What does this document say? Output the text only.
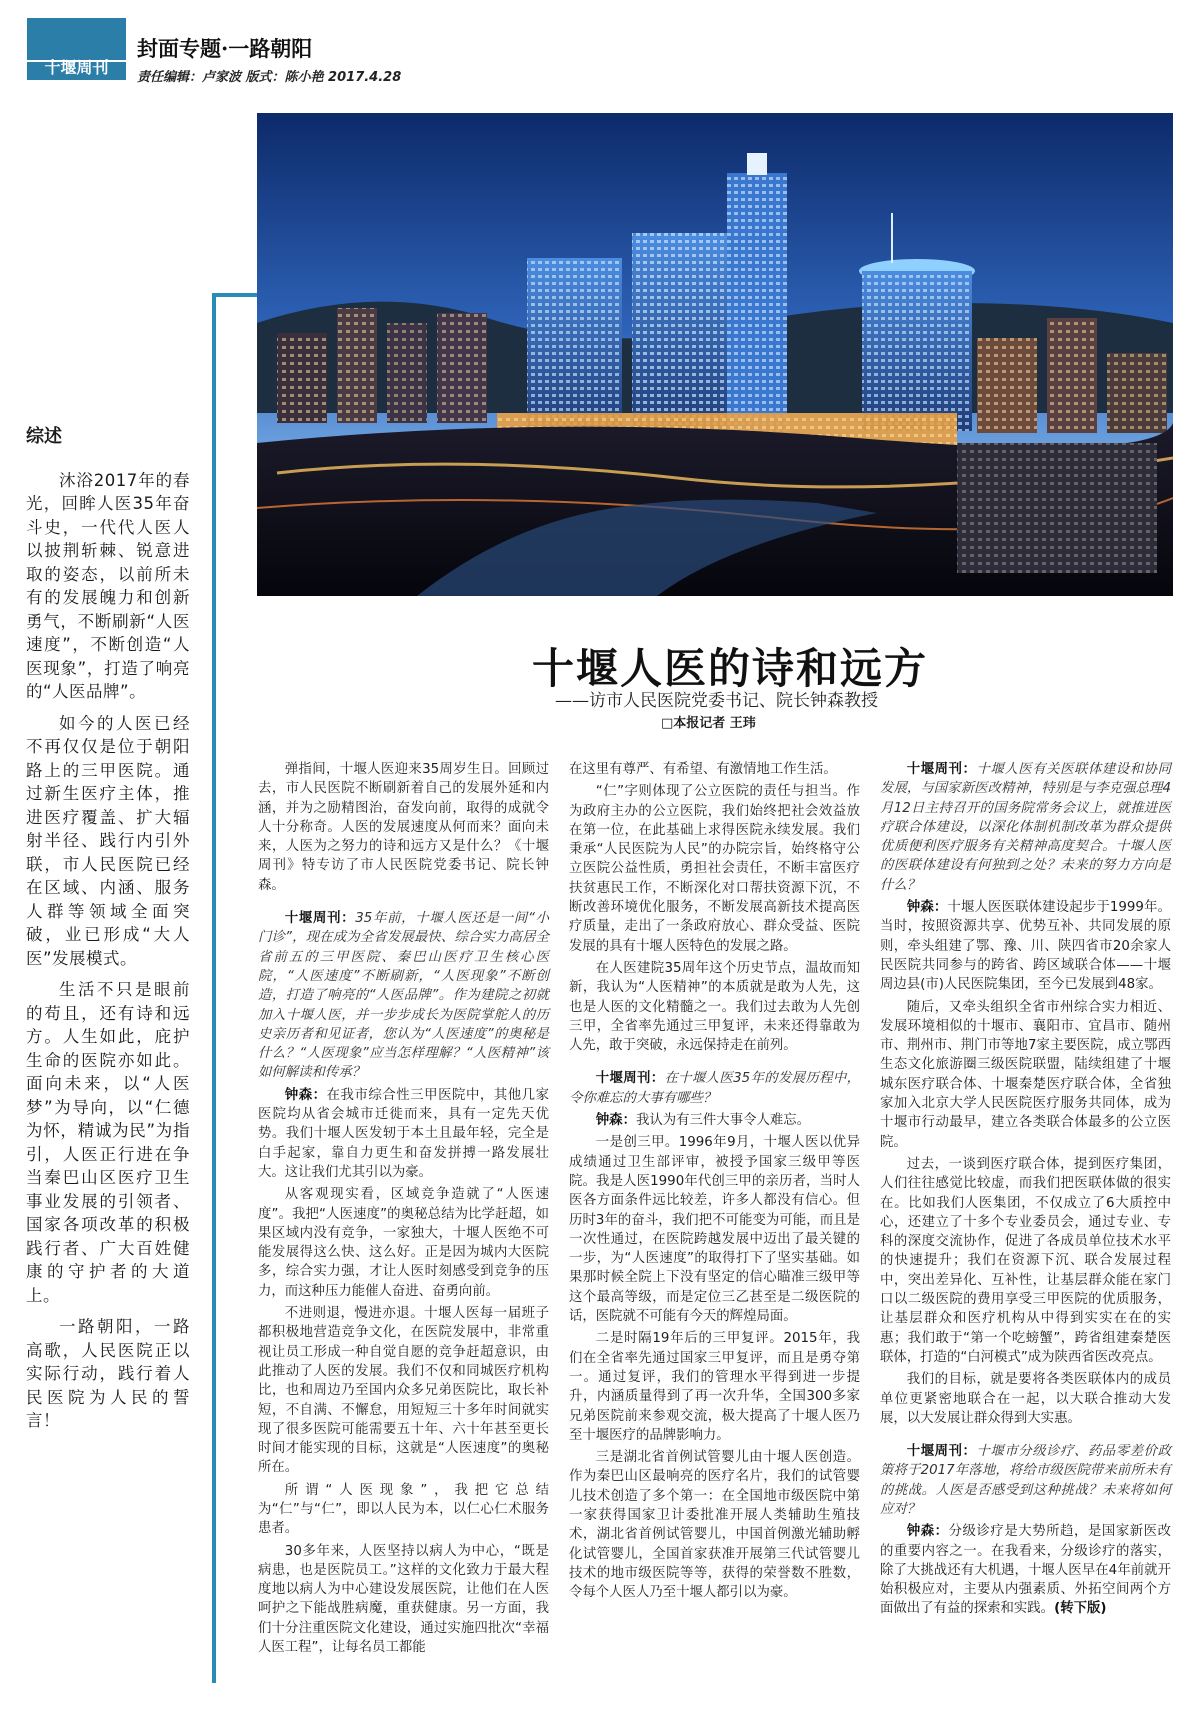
十堰周刊
封面专题·一路朝阳
责任编辑：卢家波 版式：陈小艳 2017.4.28
综述

沐浴2017年的春光，回眸人医35年奋斗史，一代代人医人以披荆斩棘、锐意进取的姿态，以前所未有的发展魄力和创新勇气，不断刷新“人医速度”，不断创造“人医现象”，打造了响亮的“人医品牌”。

如今的人医已经不再仅仅是位于朝阳路上的三甲医院。通过新生医疗主体，推进医疗覆盖、扩大辐射半径、践行内引外联，市人民医院已经在区域、内涵、服务人群等领域全面突破，业已形成“大人医”发展模式。

生活不只是眼前的苟且，还有诗和远方。人生如此，庇护生命的医院亦如此。面向未来，以“人医梦”为导向，以“仁德为怀，精诚为民”为指引，人医正行进在争当秦巴山区医疗卫生事业发展的引领者、国家各项改革的积极践行者、广大百姓健康的守护者的大道上。

一路朝阳，一路高歌，人民医院正以实际行动，践行着人民医院为人民的誓言！

十堰人医的诗和远方
——访市人民医院党委书记、院长钟森教授
□本报记者 王玮

弹指间，十堰人医迎来35周岁生日。回顾过去，市人民医院不断刷新着自己的发展外延和内涵，并为之励精图治，奋发向前，取得的成就令人十分称奇。人医的发展速度从何而来？面向未来，人医为之努力的诗和远方又是什么？《十堰周刊》特专访了市人民医院党委书记、院长钟森。

十堰周刊：35年前，十堰人医还是一间“小门诊”，现在成为全省发展最快、综合实力高居全省前五的三甲医院、秦巴山医疗卫生核心医院，“人医速度”不断刷新，“人医现象”不断创造，打造了响亮的“人医品牌”。作为建院之初就加入十堰人医，并一步步成长为医院掌舵人的历史亲历者和见证者，您认为“人医速度”的奥秘是什么？“人医现象”应当怎样理解？“人医精神”该如何解读和传承？

钟森：在我市综合性三甲医院中，其他几家医院均从省会城市迁徙而来，具有一定先天优势。我们十堰人医发轫于本土且最年轻，完全是白手起家，靠自力更生和奋发拼搏一路发展壮大。这让我们尤其引以为豪。

从客观现实看，区域竞争造就了“人医速度”。我把“人医速度”的奥秘总结为比学赶超，如果区域内没有竞争，一家独大，十堰人医绝不可能发展得这么快、这么好。正是因为城内大医院多，综合实力强，才让人医时刻感受到竞争的压力，而这种压力能催人奋进、奋勇向前。

不进则退，慢进亦退。十堰人医每一届班子都积极地营造竞争文化，在医院发展中，非常重视让员工形成一种自觉自愿的竞争赶超意识，由此推动了人医的发展。我们不仅和同城医疗机构比，也和周边乃至国内众多兄弟医院比，取长补短，不自满、不懈怠，用短短三十多年时间就实现了很多医院可能需要五十年、六十年甚至更长时间才能实现的目标，这就是“人医速度”的奥秘所在。

所谓“人医现象”，我把它总结为“仁”与“仁”，即以人民为本，以仁心仁术服务患者。

30多年来，人医坚持以病人为中心，“既是病患，也是医院员工。”这样的文化致力于最大程度地以病人为中心建设发展医院，让他们在人医呵护之下能战胜病魔，重获健康。另一方面，我们十分注重医院文化建设，通过实施四批次“幸福人医工程”，让每名员工都能

在这里有尊严、有希望、有激情地工作生活。

“仁”字则体现了公立医院的责任与担当。作为政府主办的公立医院，我们始终把社会效益放在第一位，在此基础上求得医院永续发展。我们秉承“人民医院为人民”的办院宗旨，始终格守公立医院公益性质，勇担社会责任，不断丰富医疗扶贫惠民工作，不断深化对口帮扶资源下沉，不断改善环境优化服务，不断发展高新技术提高医疗质量，走出了一条政府放心、群众受益、医院发展的具有十堰人医特色的发展之路。

在人医建院35周年这个历史节点，温故而知新，我认为“人医精神”的本质就是敢为人先，这也是人医的文化精髓之一。我们过去敢为人先创三甲，全省率先通过三甲复评，未来还得靠敢为人先，敢于突破，永远保持走在前列。

十堰周刊：在十堰人医35年的发展历程中，令你难忘的大事有哪些？

钟森：我认为有三件大事令人难忘。

一是创三甲。1996年9月，十堰人医以优异成绩通过卫生部评审，被授予国家三级甲等医院。我是人医1990年代创三甲的亲历者，当时人医各方面条件远比较差，许多人都没有信心。但历时3年的奋斗，我们把不可能变为可能，而且是一次性通过，在医院跨越发展中迈出了最关键的一步，为“人医速度”的取得打下了坚实基础。如果那时候全院上下没有坚定的信心瞄准三级甲等这个最高等级，而是定位三乙甚至是二级医院的话，医院就不可能有今天的辉煌局面。

二是时隔19年后的三甲复评。2015年，我们在全省率先通过国家三甲复评，而且是勇夺第一。通过复评，我们的管理水平得到进一步提升，内涵质量得到了再一次升华，全国300多家兄弟医院前来参观交流，极大提高了十堰人医乃至十堰医疗的品牌影响力。

三是湖北省首例试管婴儿由十堰人医创造。作为秦巴山区最响亮的医疗名片，我们的试管婴儿技术创造了多个第一：在全国地市级医院中第一家获得国家卫计委批准开展人类辅助生殖技术，湖北省首例试管婴儿，中国首例激光辅助孵化试管婴儿，全国首家获准开展第三代试管婴儿技术的地市级医院等等，获得的荣誉数不胜数，令每个人医人乃至十堰人都引以为豪。

十堰周刊：十堰人医有关医联体建设和协同发展，与国家新医改精神，特别是与李克强总理4月12日主持召开的国务院常务会议上，就推进医疗联合体建设，以深化体制机制改革为群众提供优质便利医疗服务有关精神高度契合。十堰人医的医联体建设有何独到之处？未来的努力方向是什么？

钟森：十堰人医医联体建设起步于1999年。当时，按照资源共享、优势互补、共同发展的原则，牵头组建了鄂、豫、川、陕四省市20余家人民医院共同参与的跨省、跨区域联合体——十堰周边县(市)人民医院集团，至今已发展到48家。

随后，又牵头组织全省市州综合实力相近、发展环境相似的十堰市、襄阳市、宜昌市、随州市、荆州市、荆门市等地7家主要医院，成立鄂西生态文化旅游圈三级医院联盟，陆续组建了十堰城东医疗联合体、十堰秦楚医疗联合体，全省独家加入北京大学人民医院医疗服务共同体，成为十堰市行动最早，建立各类联合体最多的公立医院。

过去，一谈到医疗联合体，提到医疗集团，人们往往感觉比较虚，而我们把医联体做的很实在。比如我们人医集团，不仅成立了6大质控中心，还建立了十多个专业委员会，通过专业、专科的深度交流协作，促进了各成员单位技术水平的快速提升；我们在资源下沉、联合发展过程中，突出差异化、互补性，让基层群众能在家门口以二级医院的费用享受三甲医院的优质服务，让基层群众和医疗机构从中得到实实在在的实惠；我们敢于“第一个吃螃蟹”，跨省组建秦楚医联体，打造的“白河模式”成为陕西省医改亮点。

我们的目标，就是要将各类医联体内的成员单位更紧密地联合在一起，以大联合推动大发展，以大发展让群众得到大实惠。

十堰周刊：十堰市分级诊疗、药品零差价政策将于2017年落地，将给市级医院带来前所未有的挑战。人医是否感受到这种挑战？未来将如何应对？

钟森：分级诊疗是大势所趋，是国家新医改的重要内容之一。在我看来，分级诊疗的落实，除了大挑战还有大机遇，十堰人医早在4年前就开始积极应对，主要从内强素质、外拓空间两个方面做出了有益的探索和实践。(转下版)
